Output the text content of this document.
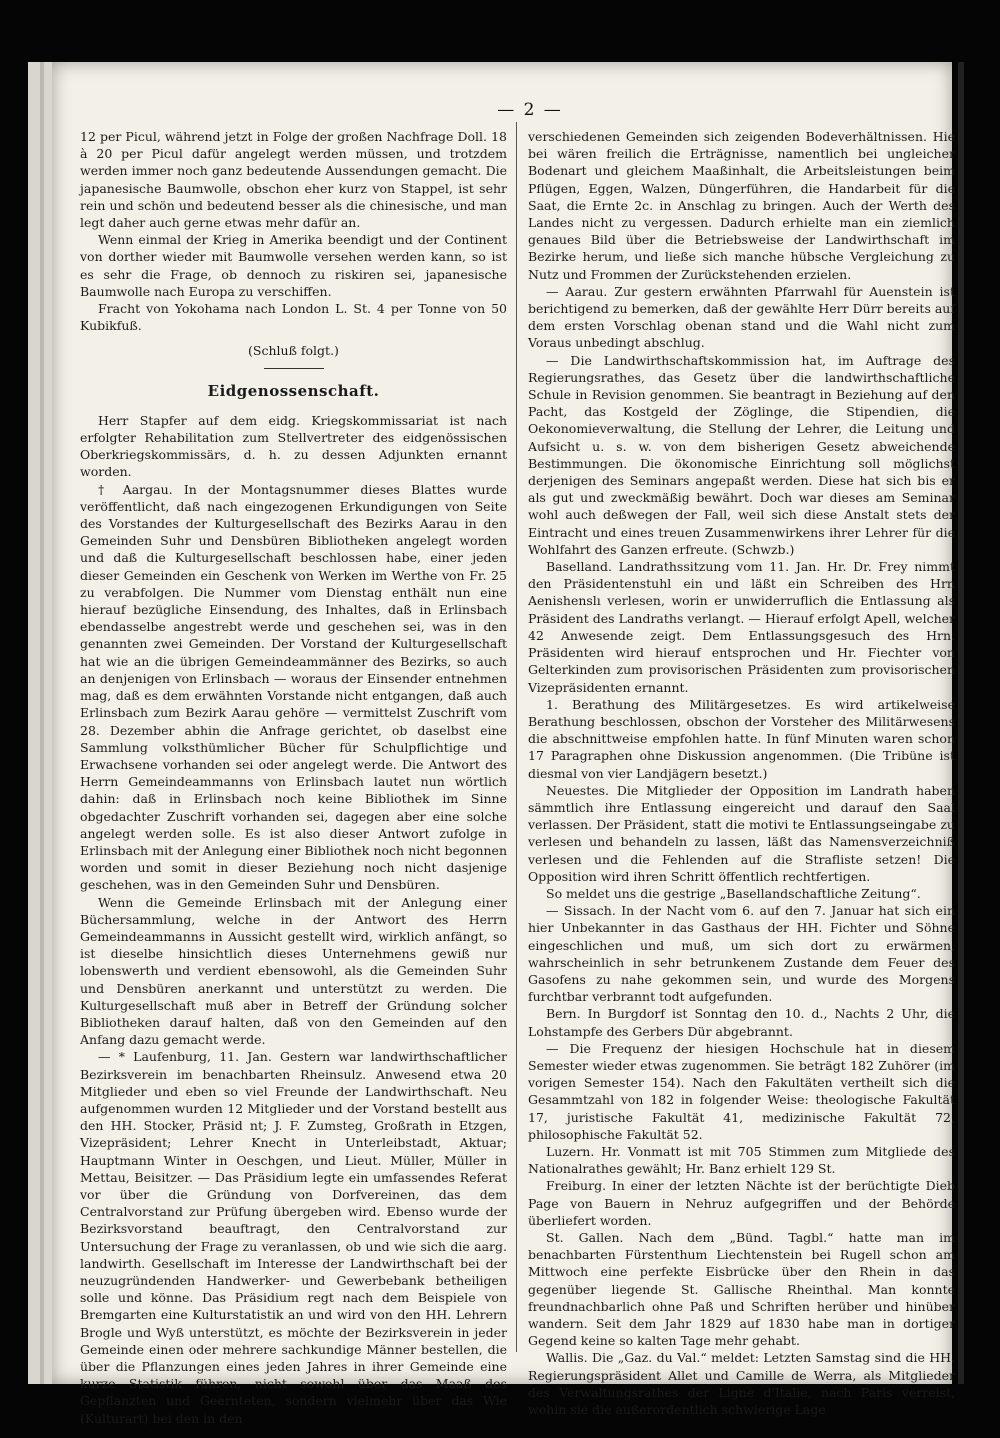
— 2 —

12 per Picul, während jetzt in Folge der großen Nachfrage Doll. 18 à 20 per Picul dafür angelegt werden müssen, und trotzdem werden immer noch ganz bedeutende Aussendungen gemacht. Die japanesische Baumwolle, obschon eher kurz von Stappel, ist sehr rein und schön und bedeutend besser als die chinesische, und man legt daher auch gerne etwas mehr dafür an.

Wenn einmal der Krieg in Amerika beendigt und der Continent von dorther wieder mit Baumwolle versehen werden kann, so ist es sehr die Frage, ob dennoch zu riskiren sei, japanesische Baumwolle nach Europa zu verschiffen.

Fracht von Yokohama nach London L. St. 4 per Tonne von 50 Kubikfuß.

(Schluß folgt.)

Eidgenossenschaft.

Herr Stapfer auf dem eidg. Kriegskommissariat ist nach erfolgter Rehabilitation zum Stellvertreter des eidgenössischen Oberkriegskommissärs, d. h. zu dessen Adjunkten ernannt worden.

† Aargau. In der Montagsnummer dieses Blattes wurde veröffentlicht, daß nach eingezogenen Erkundigungen von Seite des Vorstandes der Kulturgesellschaft des Bezirks Aarau in den Gemeinden Suhr und Densbüren Bibliotheken angelegt worden und daß die Kulturgesellschaft beschlossen habe, einer jeden dieser Gemeinden ein Geschenk von Werken im Werthe von Fr. 25 zu verabfolgen. Die Nummer vom Dienstag enthält nun eine hierauf bezügliche Einsendung, des Inhaltes, daß in Erlinsbach ebendasselbe angestrebt werde und geschehen sei, was in den genannten zwei Gemeinden. Der Vorstand der Kulturgesellschaft hat wie an die übrigen Gemeindeammänner des Bezirks, so auch an denjenigen von Erlinsbach — woraus der Einsender entnehmen mag, daß es dem erwähnten Vorstande nicht entgangen, daß auch Erlinsbach zum Bezirk Aarau gehöre — vermittelst Zuschrift vom 28. Dezember abhin die Anfrage gerichtet, ob daselbst eine Sammlung volksthümlicher Bücher für Schulpflichtige und Erwachsene vorhanden sei oder angelegt werde. Die Antwort des Herrn Gemeindeammanns von Erlinsbach lautet nun wörtlich dahin: daß in Erlinsbach noch keine Bibliothek im Sinne obgedachter Zuschrift vorhanden sei, dagegen aber eine solche angelegt werden solle. Es ist also dieser Antwort zufolge in Erlinsbach mit der Anlegung einer Bibliothek noch nicht begonnen worden und somit in dieser Beziehung noch nicht dasjenige geschehen, was in den Gemeinden Suhr und Densbüren.

Wenn die Gemeinde Erlinsbach mit der Anlegung einer Büchersammlung, welche in der Antwort des Herrn Gemeindeammanns in Aussicht gestellt wird, wirklich anfängt, so ist dieselbe hinsichtlich dieses Unternehmens gewiß nur lobenswerth und verdient ebensowohl, als die Gemeinden Suhr und Densbüren anerkannt und unterstützt zu werden. Die Kulturgesellschaft muß aber in Betreff der Gründung solcher Bibliotheken darauf halten, daß von den Gemeinden auf den Anfang dazu gemacht werde.

— * Laufenburg, 11. Jan. Gestern war landwirthschaftlicher Bezirksverein im benachbarten Rheinsulz. Anwesend etwa 20 Mitglieder und eben so viel Freunde der Landwirthschaft. Neu aufgenommen wurden 12 Mitglieder und der Vorstand bestellt aus den HH. Stocker, Präsid nt; J. F. Zumsteg, Großrath in Etzgen, Vizepräsident; Lehrer Knecht in Unterleibstadt, Aktuar; Hauptmann Winter in Oeschgen, und Lieut. Müller, Müller in Mettau, Beisitzer. — Das Präsidium legte ein umfassendes Referat vor über die Gründung von Dorfvereinen, das dem Centralvorstand zur Prüfung übergeben wird. Ebenso wurde der Bezirksvorstand beauftragt, den Centralvorstand zur Untersuchung der Frage zu veranlassen, ob und wie sich die aarg. landwirth. Gesellschaft im Interesse der Landwirthschaft bei der neuzugründenden Handwerker- und Gewerbebank betheiligen solle und könne. Das Präsidium regt nach dem Beispiele von Bremgarten eine Kulturstatistik an und wird von den HH. Lehrern Brogle und Wyß unterstützt, es möchte der Bezirksverein in jeder Gemeinde einen oder mehrere sachkundige Männer bestellen, die über die Pflanzungen eines jeden Jahres in ihrer Gemeinde eine kurze Statistik führen, nicht sowohl über das Maaß des Gepflanzten und Geernteten, sondern vielmehr über das Wie (Kulturart) bei den in den

verschiedenen Gemeinden sich zeigenden Bodeverhältnissen. Hie bei wären freilich die Erträgnisse, namentlich bei ungleicher Bodenart und gleichem Maaßinhalt, die Arbeitsleistungen beim Pflügen, Eggen, Walzen, Düngerführen, die Handarbeit für die Saat, die Ernte 2c. in Anschlag zu bringen. Auch der Werth des Landes nicht zu vergessen. Dadurch erhielte man ein ziemlich genaues Bild über die Betriebsweise der Landwirthschaft im Bezirke herum, und ließe sich manche hübsche Vergleichung zu Nutz und Frommen der Zurückstehenden erzielen.

— Aarau. Zur gestern erwähnten Pfarrwahl für Auenstein ist berichtigend zu bemerken, daß der gewählte Herr Dürr bereits auf dem ersten Vorschlag obenan stand und die Wahl nicht zum Voraus unbedingt abschlug.

— Die Landwirthschaftskommission hat, im Auftrage des Regierungsrathes, das Gesetz über die landwirthschaftliche Schule in Revision genommen. Sie beantragt in Beziehung auf den Pacht, das Kostgeld der Zöglinge, die Stipendien, die Oekonomieverwaltung, die Stellung der Lehrer, die Leitung und Aufsicht u. s. w. von dem bisherigen Gesetz abweichende Bestimmungen. Die ökonomische Einrichtung soll möglichst derjenigen des Seminars angepaßt werden. Diese hat sich bis er als gut und zweckmäßig bewährt. Doch war dieses am Seminar wohl auch deßwegen der Fall, weil sich diese Anstalt stets der Eintracht und eines treuen Zusammenwirkens ihrer Lehrer für die Wohlfahrt des Ganzen erfreute. (Schwzb.)

Baselland. Landrathssitzung vom 11. Jan. Hr. Dr. Frey nimmt den Präsidentenstuhl ein und läßt ein Schreiben des Hrn Aenishenslı verlesen, worin er unwiderruflich die Entlassung als Präsident des Landraths verlangt. — Hierauf erfolgt Apell, welcher 42 Anwesende zeigt. Dem Entlassungsgesuch des Hrn. Präsidenten wird hierauf entsprochen und Hr. Fiechter von Gelterkinden zum provisorischen Präsidenten zum provisorischen Vizepräsidenten ernannt.

1. Berathung des Militärgesetzes. Es wird artikelweise Berathung beschlossen, obschon der Vorsteher des Militärwesens die abschnittweise empfohlen hatte. In fünf Minuten waren schon 17 Paragraphen ohne Diskussion angenommen. (Die Tribüne ist diesmal von vier Landjägern besetzt.)

Neuestes. Die Mitglieder der Opposition im Landrath haben sämmtlich ihre Entlassung eingereicht und darauf den Saal verlassen. Der Präsident, statt die motivi te Entlassungseingabe zu verlesen und behandeln zu lassen, läßt das Namensverzeichniß verlesen und die Fehlenden auf die Strafliste setzen! Die Opposition wird ihren Schritt öffentlich rechtfertigen.

So meldet uns die gestrige „Basellandschaftliche Zeitung“.

— Sissach. In der Nacht vom 6. auf den 7. Januar hat sich ein hier Unbekannter in das Gasthaus der HH. Fichter und Söhne eingeschlichen und muß, um sich dort zu erwärmen, wahrscheinlich in sehr betrunkenem Zustande dem Feuer des Gasofens zu nahe gekommen sein, und wurde des Morgens furchtbar verbrannt todt aufgefunden.

Bern. In Burgdorf ist Sonntag den 10. d., Nachts 2 Uhr, die Lohstampfe des Gerbers Dür abgebrannt.

— Die Frequenz der hiesigen Hochschule hat in diesem Semester wieder etwas zugenommen. Sie beträgt 182 Zuhörer (im vorigen Semester 154). Nach den Fakultäten vertheilt sich die Gesammtzahl von 182 in folgender Weise: theologische Fakultät 17, juristische Fakultät 41, medizinische Fakultät 72, philosophische Fakultät 52.

Luzern. Hr. Vonmatt ist mit 705 Stimmen zum Mitgliede des Nationalrathes gewählt; Hr. Banz erhielt 129 St.

Freiburg. In einer der letzten Nächte ist der berüchtigte Dieb Page von Bauern in Nehruz aufgegriffen und der Behörde überliefert worden.

St. Gallen. Nach dem „Bünd. Tagbl.“ hatte man im benachbarten Fürstenthum Liechtenstein bei Rugell schon am Mittwoch eine perfekte Eisbrücke über den Rhein in das gegenüber liegende St. Gallische Rheinthal. Man konnte freundnachbarlich ohne Paß und Schriften herüber und hinüber wandern. Seit dem Jahr 1829 auf 1830 habe man in dortiger Gegend keine so kalten Tage mehr gehabt.

Wallis. Die „Gaz. du Val.“ meldet: Letzten Samstag sind die HH. Regierungspräsident Allet und Camille de Werra, als Mitglieder des Verwaltungsrathes der Ligne d'Italie, nach Paris verreist, wohin sie die außerordentlich schwierige Lage
